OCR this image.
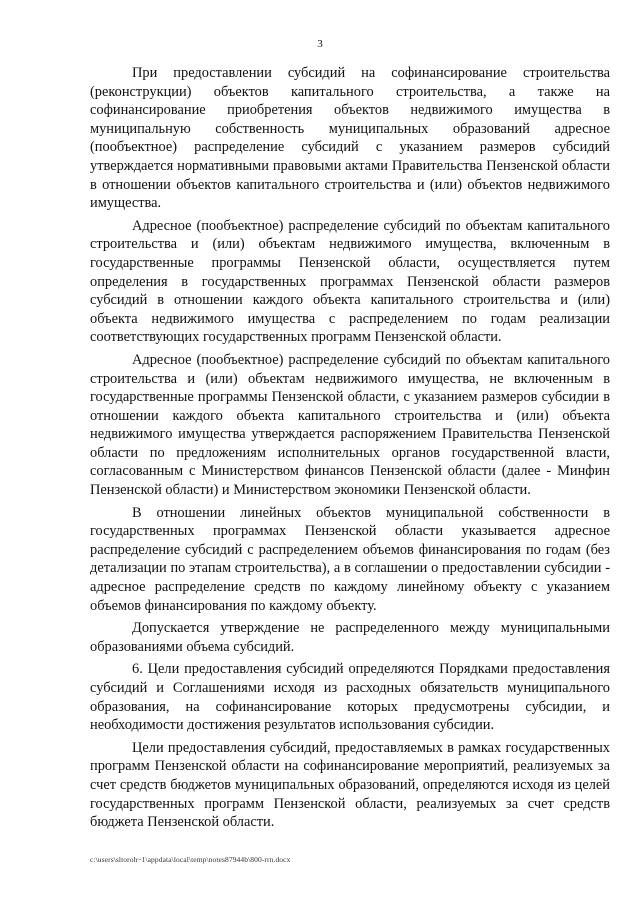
3

При предоставлении субсидий на софинансирование строительства (реконструкции) объектов капитального строительства, а также на софинансирование приобретения объектов недвижимого имущества в муниципальную собственность муниципальных образований адресное (пообъектное) распределение субсидий с указанием размеров субсидий утверждается нормативными правовыми актами Правительства Пензенской области в отношении объектов капитального строительства и (или) объектов недвижимого имущества.

Адресное (пообъектное) распределение субсидий по объектам капитального строительства и (или) объектам недвижимого имущества, включенным в государственные программы Пензенской области, осуществляется путем определения в государственных программах Пензенской области размеров субсидий в отношении каждого объекта капитального строительства и (или) объекта недвижимого имущества с распределением по годам реализации соответствующих государственных программ Пензенской области.

Адресное (пообъектное) распределение субсидий по объектам капитального строительства и (или) объектам недвижимого имущества, не включенным в государственные программы Пензенской области, с указанием размеров субсидии в отношении каждого объекта капитального строительства и (или) объекта недвижимого имущества утверждается распоряжением Правительства Пензенской области по предложениям исполнительных органов государственной власти, согласованным с Министерством финансов Пензенской области (далее - Минфин Пензенской области) и Министерством экономики Пензенской области.

В отношении линейных объектов муниципальной собственности в государственных программах Пензенской области указывается адресное распределение субсидий с распределением объемов финансирования по годам (без детализации по этапам строительства), а в соглашении о предоставлении субсидии - адресное распределение средств по каждому линейному объекту с указанием объемов финансирования по каждому объекту.

Допускается утверждение не распределенного между муниципальными образованиями объема субсидий.

6. Цели предоставления субсидий определяются Порядками предоставления субсидий и Соглашениями исходя из расходных обязательств муниципального образования, на софинансирование которых предусмотрены субсидии, и необходимости достижения результатов использования субсидии.

Цели предоставления субсидий, предоставляемых в рамках государственных программ Пензенской области на софинансирование мероприятий, реализуемых за счет средств бюджетов муниципальных образований, определяются исходя из целей государственных программ Пензенской области, реализуемых за счет средств бюджета Пензенской области.

c:\users\sltoroh~1\appdata\local\temp\notes87944b\800-rrn.docx
